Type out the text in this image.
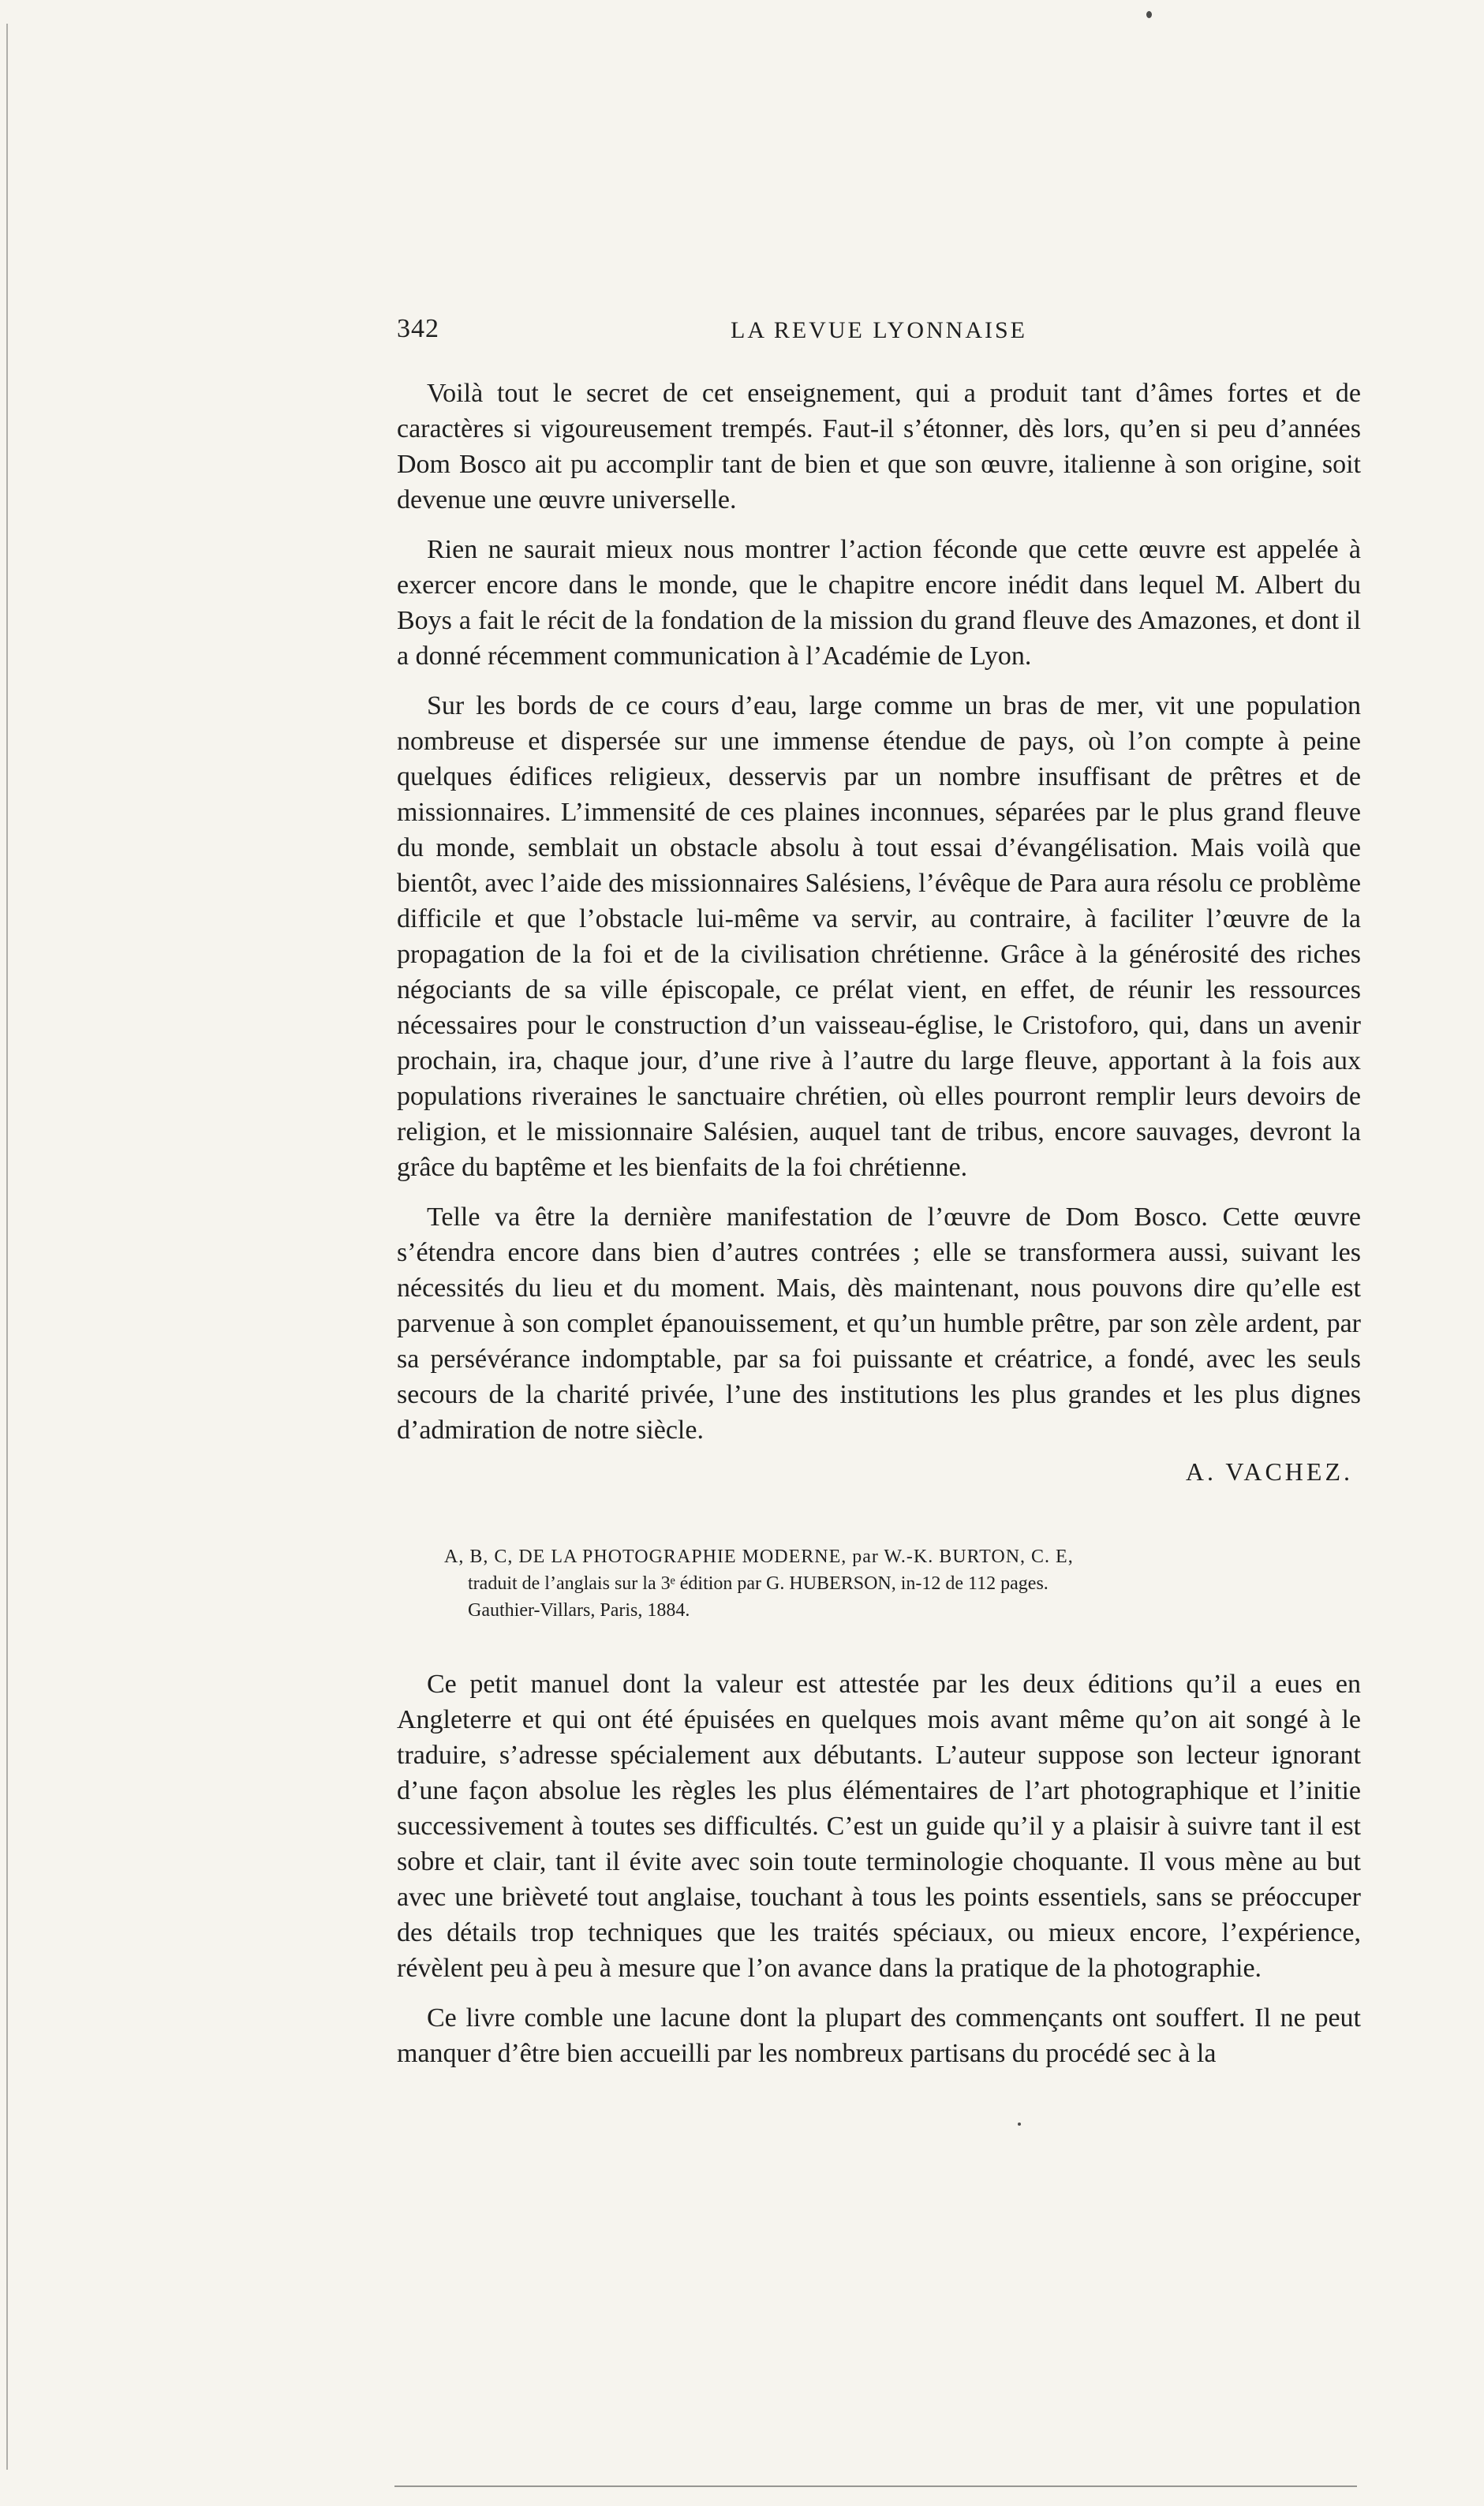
342	LA REVUE LYONNAISE

Voilà tout le secret de cet enseignement, qui a produit tant d’âmes fortes et de caractères si vigoureusement trempés. Faut-il s’étonner, dès lors, qu’en si peu d’années Dom Bosco ait pu accomplir tant de bien et que son œuvre, italienne à son origine, soit devenue une œuvre universelle.

Rien ne saurait mieux nous montrer l’action féconde que cette œuvre est appelée à exercer encore dans le monde, que le chapitre encore inédit dans lequel M. Albert du Boys a fait le récit de la fondation de la mission du grand fleuve des Amazones, et dont il a donné récemment communication à l’Académie de Lyon.

Sur les bords de ce cours d’eau, large comme un bras de mer, vit une population nombreuse et dispersée sur une immense étendue de pays, où l’on compte à peine quelques édifices religieux, desservis par un nombre insuffisant de prêtres et de missionnaires. L’immensité de ces plaines inconnues, séparées par le plus grand fleuve du monde, semblait un obstacle absolu à tout essai d’évangélisation. Mais voilà que bientôt, avec l’aide des missionnaires Salésiens, l’évêque de Para aura résolu ce problème difficile et que l’obstacle lui-même va servir, au contraire, à faciliter l’œuvre de la propagation de la foi et de la civilisation chrétienne. Grâce à la générosité des riches négociants de sa ville épiscopale, ce prélat vient, en effet, de réunir les ressources nécessaires pour le construction d’un vaisseau-église, le Cristoforo, qui, dans un avenir prochain, ira, chaque jour, d’une rive à l’autre du large fleuve, apportant à la fois aux populations riveraines le sanctuaire chrétien, où elles pourront remplir leurs devoirs de religion, et le missionnaire Salésien, auquel tant de tribus, encore sauvages, devront la grâce du baptême et les bienfaits de la foi chrétienne.

Telle va être la dernière manifestation de l’œuvre de Dom Bosco. Cette œuvre s’étendra encore dans bien d’autres contrées ; elle se transformera aussi, suivant les nécessités du lieu et du moment. Mais, dès maintenant, nous pouvons dire qu’elle est parvenue à son complet épanouissement, et qu’un humble prêtre, par son zèle ardent, par sa persévérance indomptable, par sa foi puissante et créatrice, a fondé, avec les seuls secours de la charité privée, l’une des institutions les plus grandes et les plus dignes d’admiration de notre siècle.

A. VACHEZ.
A, B, C, DE LA PHOTOGRAPHIE MODERNE, par W.-K. BURTON, C. E,
traduit de l’anglais sur la 3ᵉ édition par G. HUBERSON, in-12 de 112 pages.
Gauthier-Villars, Paris, 1884.

Ce petit manuel dont la valeur est attestée par les deux éditions qu’il a eues en Angleterre et qui ont été épuisées en quelques mois avant même qu’on ait songé à le traduire, s’adresse spécialement aux débutants. L’auteur suppose son lecteur ignorant d’une façon absolue les règles les plus élémentaires de l’art photographique et l’initie successivement à toutes ses difficultés. C’est un guide qu’il y a plaisir à suivre tant il est sobre et clair, tant il évite avec soin toute terminologie choquante. Il vous mène au but avec une brièveté tout anglaise, touchant à tous les points essentiels, sans se préoccuper des détails trop techniques que les traités spéciaux, ou mieux encore, l’expérience, révèlent peu à peu à mesure que l’on avance dans la pratique de la photographie.

Ce livre comble une lacune dont la plupart des commençants ont souffert. Il ne peut manquer d’être bien accueilli par les nombreux partisans du procédé sec à la
